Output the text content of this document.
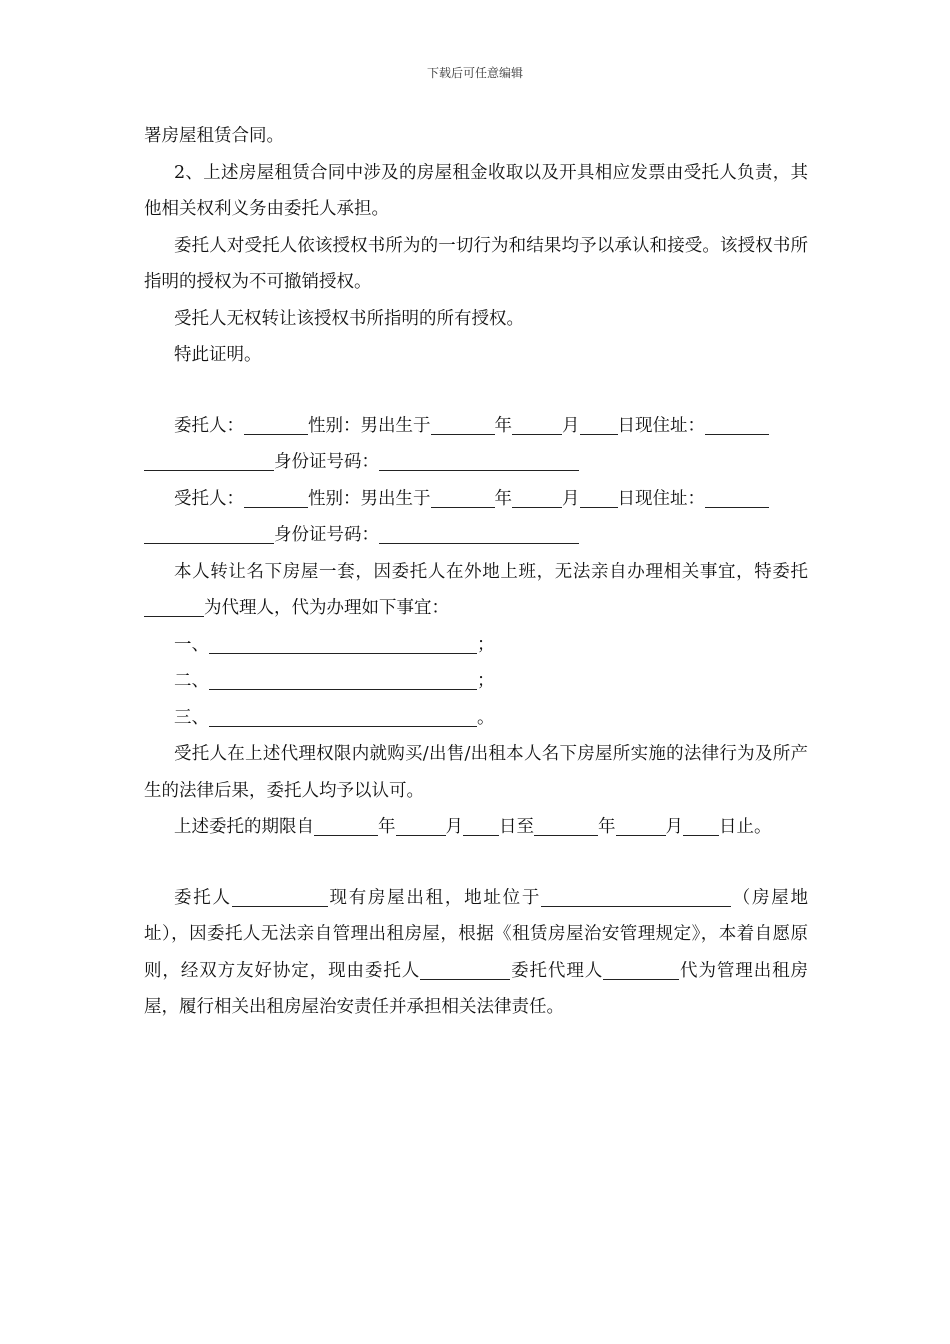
下载后可任意编辑

署房屋租赁合同。

2、上述房屋租赁合同中涉及的房屋租金收取以及开具相应发票由受托人负责，其他相关权利义务由委托人承担。

委托人对受托人依该授权书所为的一切行为和结果均予以承认和接受。该授权书所指明的授权为不可撤销授权。

受托人无权转让该授权书所指明的所有授权。

特此证明。

委托人：	性别：男出生于	年	月 日现住址：
身份证号码：
受托人：	性别：男出生于	年	月 日现住址：
身份证号码：

本人转让名下房屋一套，因委托人在外地上班，无法亲自办理相关事宜，特委托为代理人，代为办理如下事宜：

一、	；
二、	；
三、	。

受托人在上述代理权限内就购买/出售/出租本人名下房屋所实施的法律行为及所产生的法律后果，委托人均予以认可。

上述委托的期限自	年	月 日至	年	月 日止。

委托人	现有房屋出租，地址位于	（房屋地址），因委托人无法亲自管理出租房屋，根据《租赁房屋治安管理规定》，本着自愿原则，经双方友好协定，现由委托人	委托代理人	代为管理出租房屋，履行相关出租房屋治安责任并承担相关法律责任。
